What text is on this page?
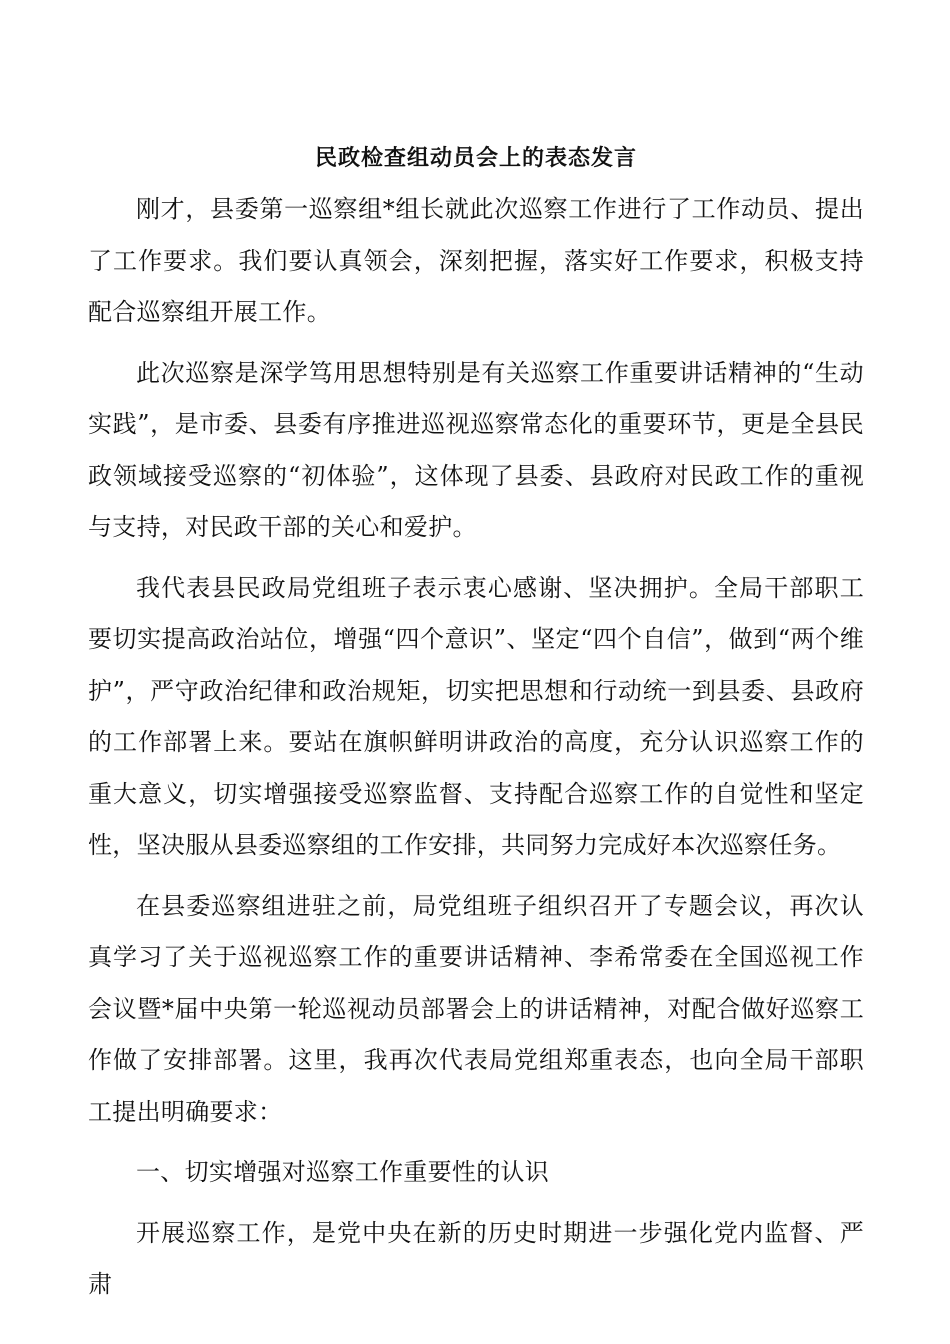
民政检查组动员会上的表态发言

刚才，县委第一巡察组*组长就此次巡察工作进行了工作动员、提出了工作要求。我们要认真领会，深刻把握，落实好工作要求，积极支持配合巡察组开展工作。

此次巡察是深学笃用思想特别是有关巡察工作重要讲话精神的“生动实践”，是市委、县委有序推进巡视巡察常态化的重要环节，更是全县民政领域接受巡察的“初体验”，这体现了县委、县政府对民政工作的重视与支持，对民政干部的关心和爱护。

我代表县民政局党组班子表示衷心感谢、坚决拥护。全局干部职工要切实提高政治站位，增强“四个意识”、坚定“四个自信”，做到“两个维护”，严守政治纪律和政治规矩，切实把思想和行动统一到县委、县政府的工作部署上来。要站在旗帜鲜明讲政治的高度，充分认识巡察工作的重大意义，切实增强接受巡察监督、支持配合巡察工作的自觉性和坚定性，坚决服从县委巡察组的工作安排，共同努力完成好本次巡察任务。

在县委巡察组进驻之前，局党组班子组织召开了专题会议，再次认真学习了关于巡视巡察工作的重要讲话精神、李希常委在全国巡视工作会议暨*届中央第一轮巡视动员部署会上的讲话精神，对配合做好巡察工作做了安排部署。这里，我再次代表局党组郑重表态，也向全局干部职工提出明确要求：

一、切实增强对巡察工作重要性的认识

开展巡察工作，是党中央在新的历史时期进一步强化党内监督、严肃
